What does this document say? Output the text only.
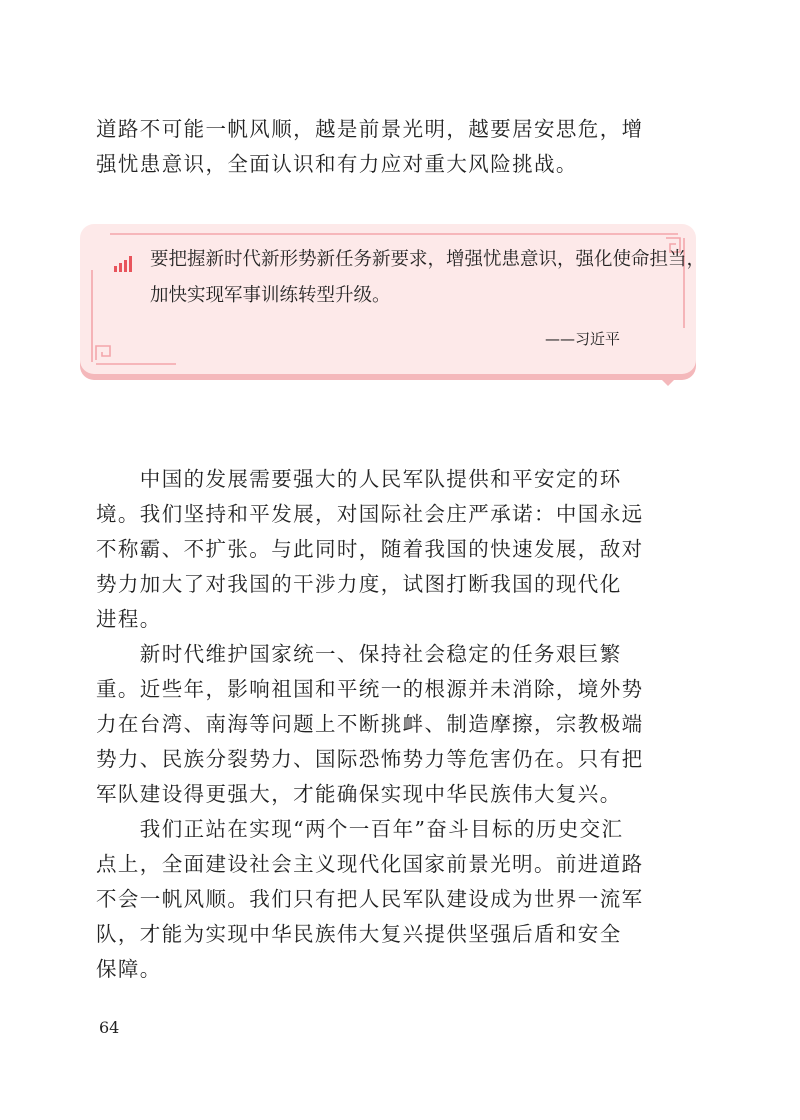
道路不可能一帆风顺，越是前景光明，越要居安思危，增
强忧患意识，全面认识和有力应对重大风险挑战。
要把握新时代新形势新任务新要求，增强忧患意识，强化使命担当，
加快实现军事训练转型升级。
——习近平
　　中国的发展需要强大的人民军队提供和平安定的环
境。我们坚持和平发展，对国际社会庄严承诺：中国永远
不称霸、不扩张。与此同时，随着我国的快速发展，敌对
势力加大了对我国的干涉力度，试图打断我国的现代化
进程。
　　新时代维护国家统一、保持社会稳定的任务艰巨繁
重。近些年，影响祖国和平统一的根源并未消除，境外势
力在台湾、南海等问题上不断挑衅、制造摩擦，宗教极端
势力、民族分裂势力、国际恐怖势力等危害仍在。只有把
军队建设得更强大，才能确保实现中华民族伟大复兴。
　　我们正站在实现“两个一百年”奋斗目标的历史交汇
点上，全面建设社会主义现代化国家前景光明。前进道路
不会一帆风顺。我们只有把人民军队建设成为世界一流军
队，才能为实现中华民族伟大复兴提供坚强后盾和安全
保障。
64
